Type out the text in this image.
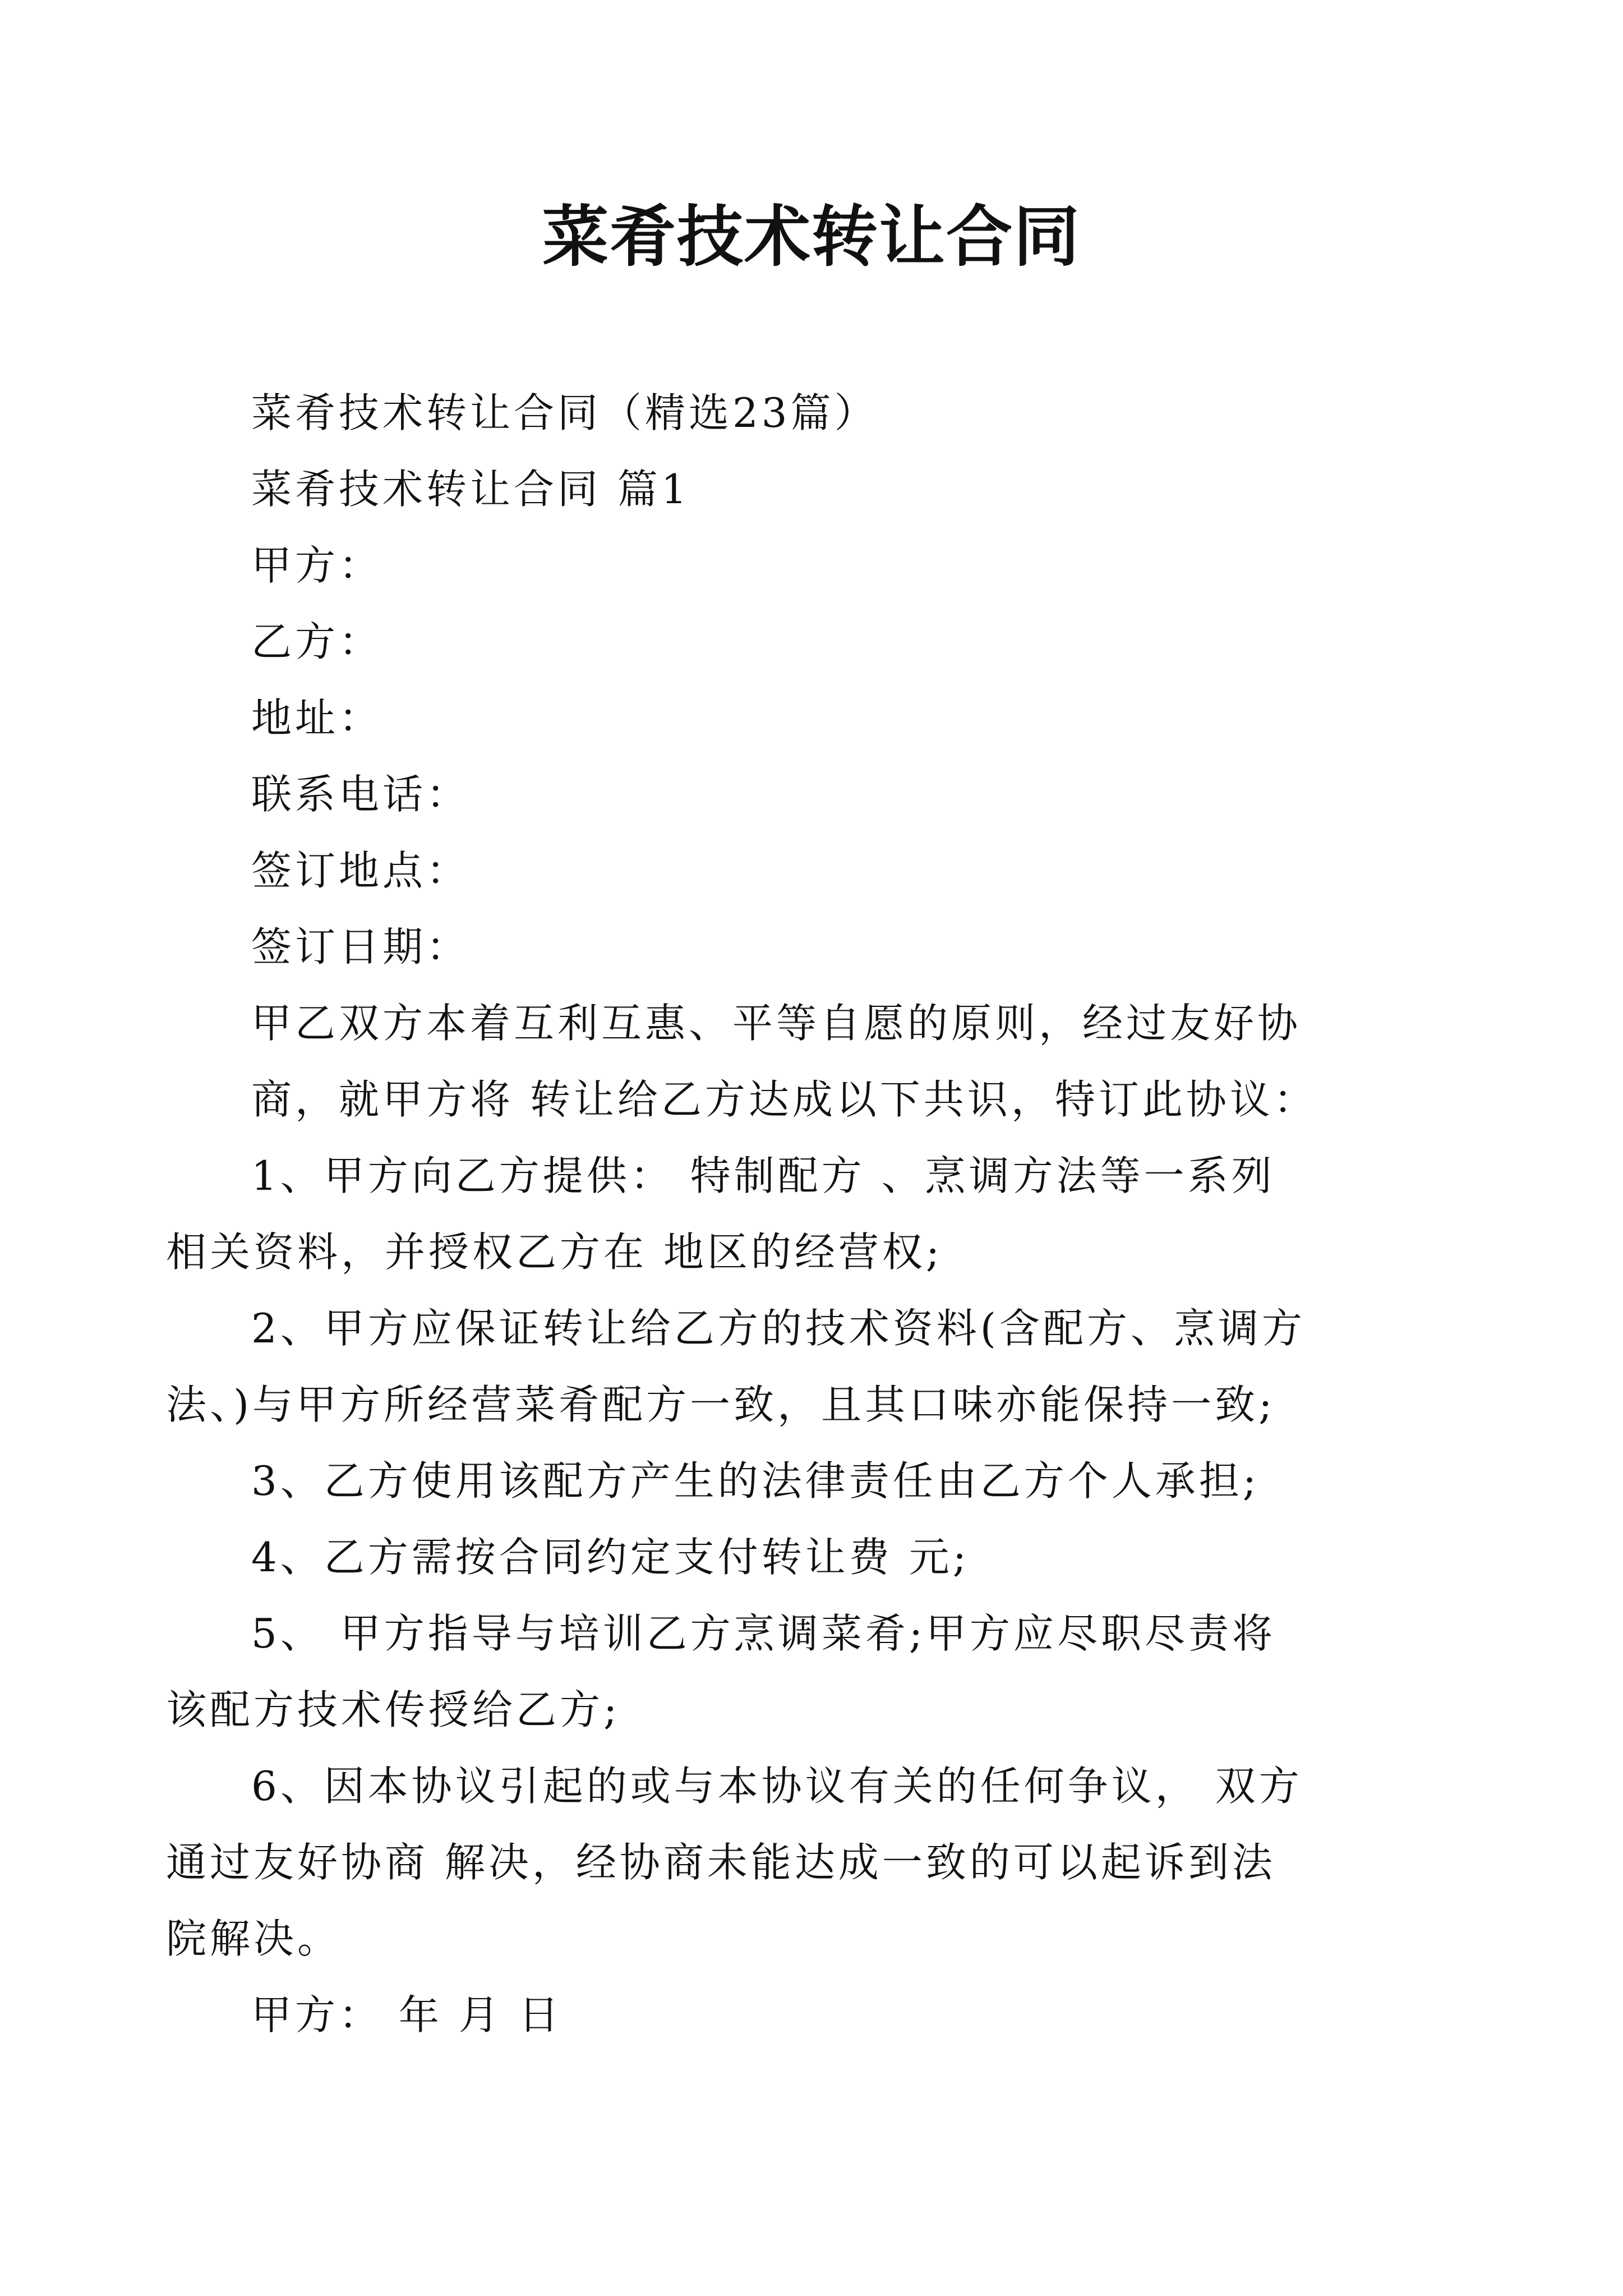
菜肴技术转让合同

菜肴技术转让合同（精选23篇）

菜肴技术转让合同 篇1

甲方：

乙方：

地址：

联系电话：

签订地点：

签订日期：

甲乙双方本着互利互惠、平等自愿的原则，经过友好协

商，就甲方将 转让给乙方达成以下共识，特订此协议：

1、甲方向乙方提供： 特制配方 、烹调方法等一系列

相关资料，并授权乙方在 地区的经营权;

2、甲方应保证转让给乙方的技术资料(含配方、烹调方

法、)与甲方所经营菜肴配方一致，且其口味亦能保持一致;

3、乙方使用该配方产生的法律责任由乙方个人承担;

4、乙方需按合同约定支付转让费 元;

5、 甲方指导与培训乙方烹调菜肴;甲方应尽职尽责将

该配方技术传授给乙方;

6、因本协议引起的或与本协议有关的任何争议， 双方

通过友好协商 解决，经协商未能达成一致的可以起诉到法

院解决。

甲方： 年 月 日
